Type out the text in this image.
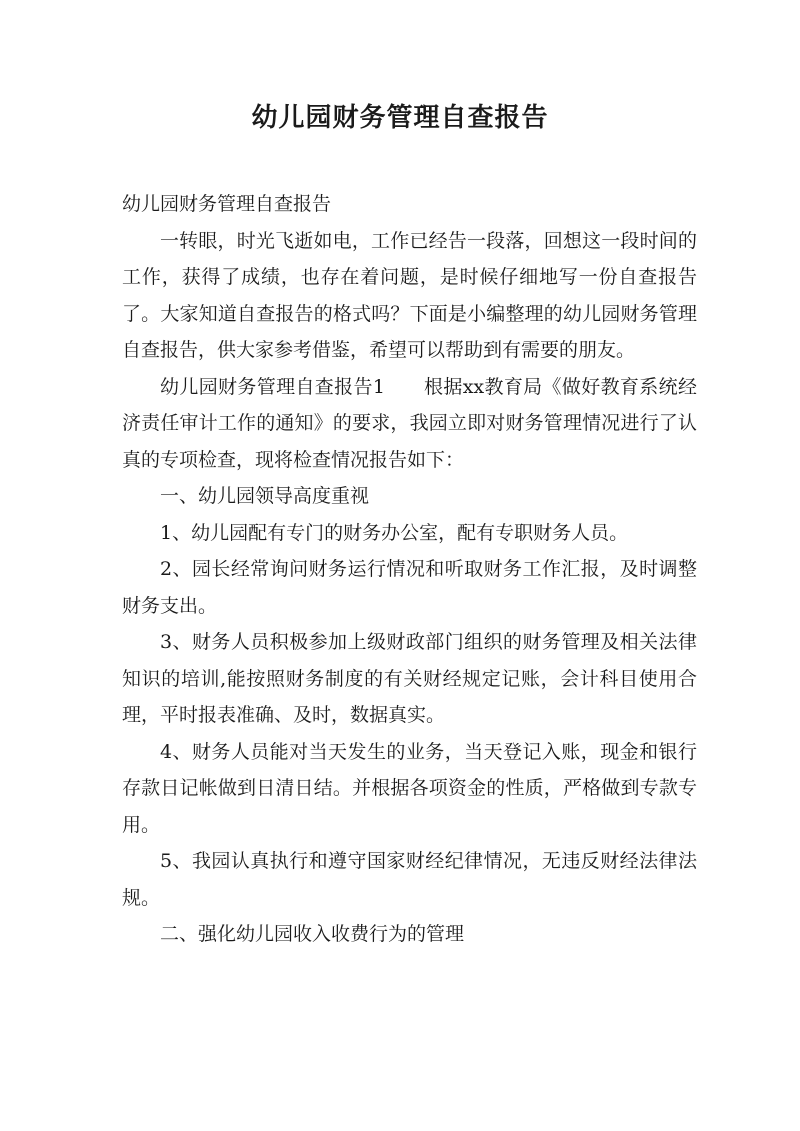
幼儿园财务管理自查报告

幼儿园财务管理自查报告

一转眼，时光飞逝如电，工作已经告一段落，回想这一段时间的工作，获得了成绩，也存在着问题，是时候仔细地写一份自查报告了。大家知道自查报告的格式吗？下面是小编整理的幼儿园财务管理自查报告，供大家参考借鉴，希望可以帮助到有需要的朋友。

幼儿园财务管理自查报告1　　根据xx教育局《做好教育系统经济责任审计工作的通知》的要求，我园立即对财务管理情况进行了认真的专项检查，现将检查情况报告如下：

一、幼儿园领导高度重视

1、幼儿园配有专门的财务办公室，配有专职财务人员。

2、园长经常询问财务运行情况和听取财务工作汇报，及时调整财务支出。

3、财务人员积极参加上级财政部门组织的财务管理及相关法律知识的培训,能按照财务制度的有关财经规定记账，会计科目使用合理，平时报表准确、及时，数据真实。

4、财务人员能对当天发生的业务，当天登记入账，现金和银行存款日记帐做到日清日结。并根据各项资金的性质，严格做到专款专用。

5、我园认真执行和遵守国家财经纪律情况，无违反财经法律法规。

二、强化幼儿园收入收费行为的管理
